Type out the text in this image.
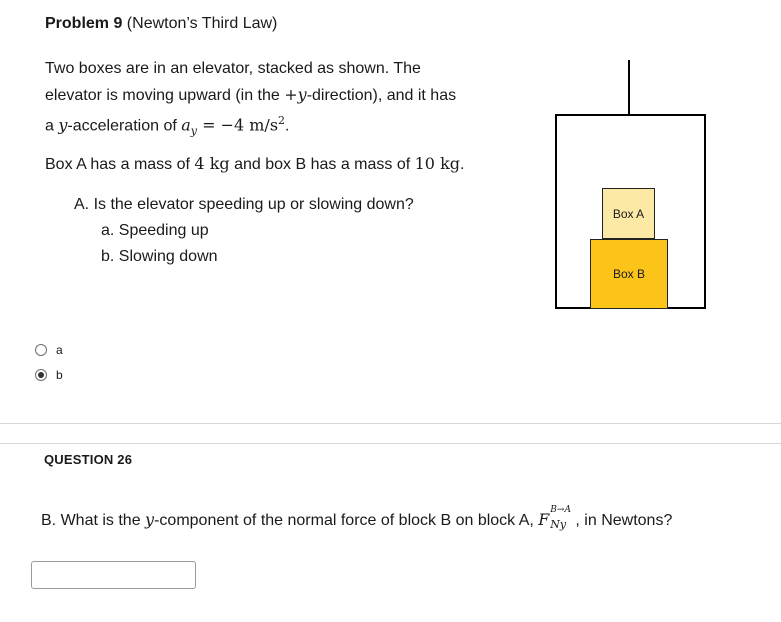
Problem 9 (Newton’s Third Law)
Two boxes are in an elevator, stacked as shown. The
elevator is moving upward (in the +y-direction), and it has
a y-acceleration of $a_y = -4$ $m/s^2$.
Box A has a mass of 4 kg and box B has a mass of 10 kg.
A. Is the elevator speeding up or slowing down?
a. Speeding up
b. Slowing down
Box A
Box B
a
b
QUESTION 26
B. What is the y-component of the normal force of block B on block A, F B→A
Ny , in Newtons?
